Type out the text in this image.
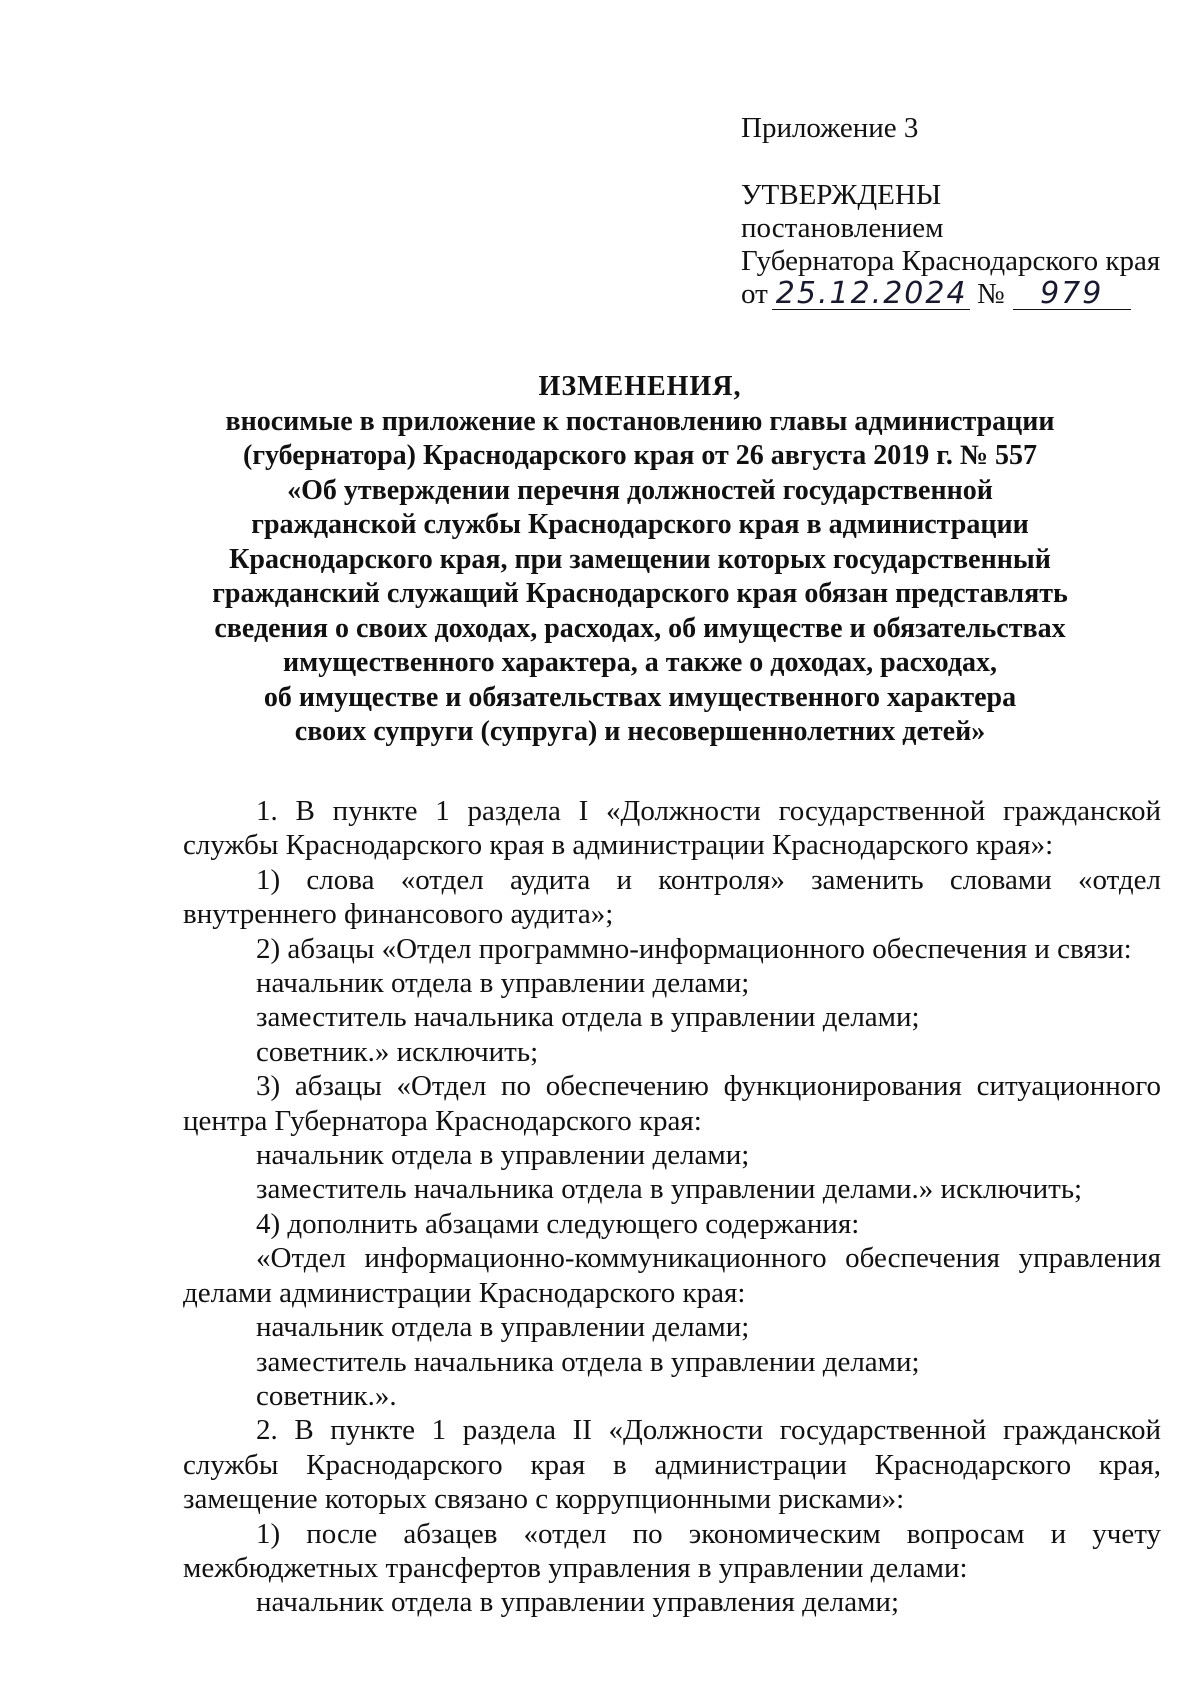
Приложение 3
УТВЕРЖДЕНЫ
постановлением
Губернатора Краснодарского края
от 25.12.2024 № 979
ИЗМЕНЕНИЯ,
вносимые в приложение к постановлению главы администрации
(губернатора) Краснодарского края от 26 августа 2019 г. № 557
«Об утверждении перечня должностей государственной
гражданской службы Краснодарского края в администрации
Краснодарского края, при замещении которых государственный
гражданский служащий Краснодарского края обязан представлять
сведения о своих доходах, расходах, об имуществе и обязательствах
имущественного характера, а также о доходах, расходах,
об имуществе и обязательствах имущественного характера
своих супруги (супруга) и несовершеннолетних детей»
1. В пункте 1 раздела I «Должности государственной гражданской службы Краснодарского края в администрации Краснодарского края»:
1) слова «отдел аудита и контроля» заменить словами «отдел внутреннего финансового аудита»;
2) абзацы «Отдел программно-информационного обеспечения и связи:
начальник отдела в управлении делами;
заместитель начальника отдела в управлении делами;
советник.» исключить;
3) абзацы «Отдел по обеспечению функционирования ситуационного центра Губернатора Краснодарского края:
начальник отдела в управлении делами;
заместитель начальника отдела в управлении делами.» исключить;
4) дополнить абзацами следующего содержания:
«Отдел информационно-коммуникационного обеспечения управления делами администрации Краснодарского края:
начальник отдела в управлении делами;
заместитель начальника отдела в управлении делами;
советник.».
2. В пункте 1 раздела II «Должности государственной гражданской службы Краснодарского края в администрации Краснодарского края, замещение которых связано с коррупционными рисками»:
1) после абзацев «отдел по экономическим вопросам и учету межбюджетных трансфертов управления в управлении делами:
начальник отдела в управлении управления делами;
